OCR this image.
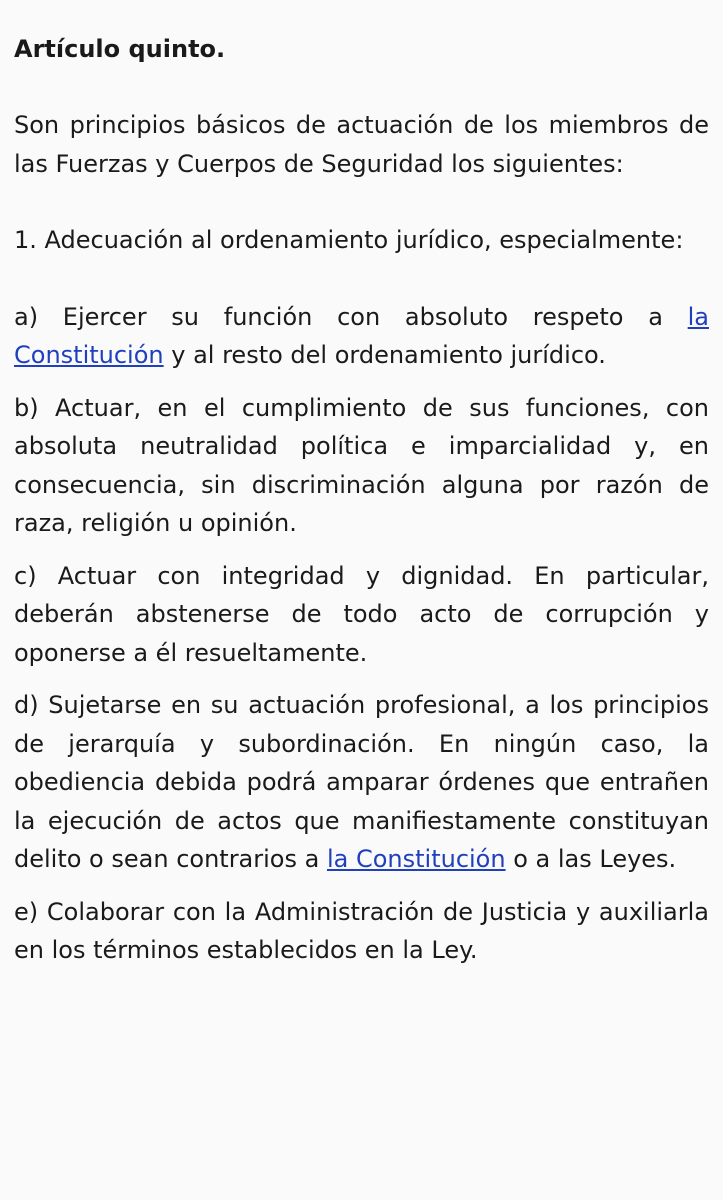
Artículo quinto.

Son principios básicos de actuación de los miembros de las Fuerzas y Cuerpos de Seguridad los siguientes:

1. Adecuación al ordenamiento jurídico, especialmente:

a) Ejercer su función con absoluto respeto a la Constitución y al resto del ordenamiento jurídico.

b) Actuar, en el cumplimiento de sus funciones, con absoluta neutralidad política e imparcialidad y, en consecuencia, sin discriminación alguna por razón de raza, religión u opinión.

c) Actuar con integridad y dignidad. En particular, deberán abstenerse de todo acto de corrupción y oponerse a él resueltamente.

d) Sujetarse en su actuación profesional, a los principios de jerarquía y subordinación. En ningún caso, la obediencia debida podrá amparar órdenes que entrañen la ejecución de actos que manifiestamente constituyan delito o sean contrarios a la Constitución o a las Leyes.

e) Colaborar con la Administración de Justicia y auxiliarla en los términos establecidos en la Ley.
